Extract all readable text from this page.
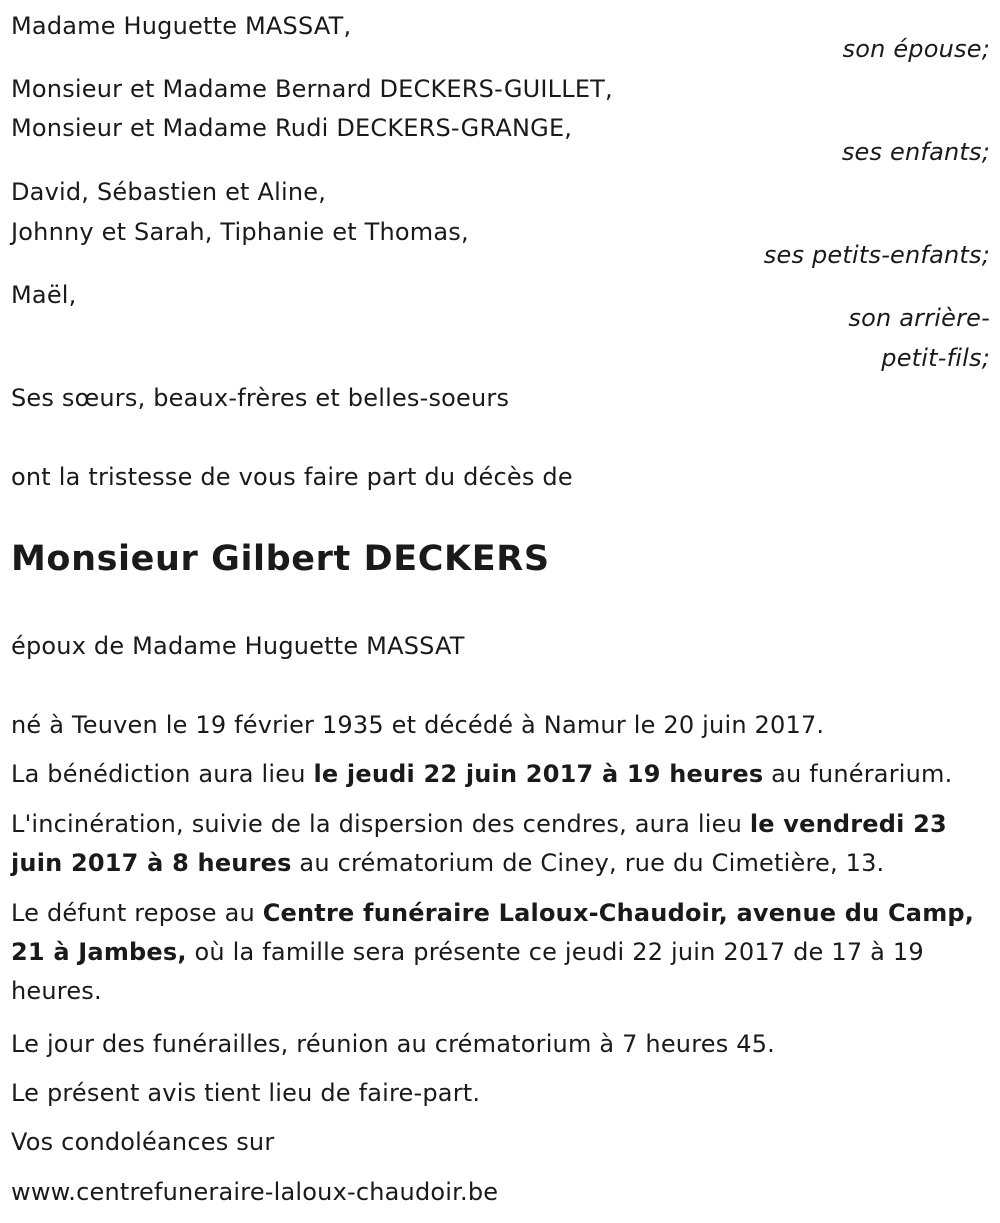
Madame Huguette MASSAT,
son épouse;
Monsieur et Madame Bernard DECKERS-GUILLET,
Monsieur et Madame Rudi DECKERS-GRANGE,
ses enfants;
David, Sébastien et Aline,
Johnny et Sarah, Tiphanie et Thomas,
ses petits-enfants;
Maël,
son arrière-
petit-fils;
Ses sœurs, beaux-frères et belles-soeurs
ont la tristesse de vous faire part du décès de
Monsieur Gilbert DECKERS
époux de Madame Huguette MASSAT
né à Teuven le 19 février 1935 et décédé à Namur le 20 juin 2017.
La bénédiction aura lieu le jeudi 22 juin 2017 à 19 heures au funérarium.
L'incinération, suivie de la dispersion des cendres, aura lieu le vendredi 23 juin 2017 à 8 heures au crématorium de Ciney, rue du Cimetière, 13.
Le défunt repose au Centre funéraire Laloux-Chaudoir, avenue du Camp, 21 à Jambes, où la famille sera présente ce jeudi 22 juin 2017 de 17 à 19 heures.
Le jour des funérailles, réunion au crématorium à 7 heures 45.
Le présent avis tient lieu de faire-part.
Vos condoléances sur
www.centrefuneraire-laloux-chaudoir.be
